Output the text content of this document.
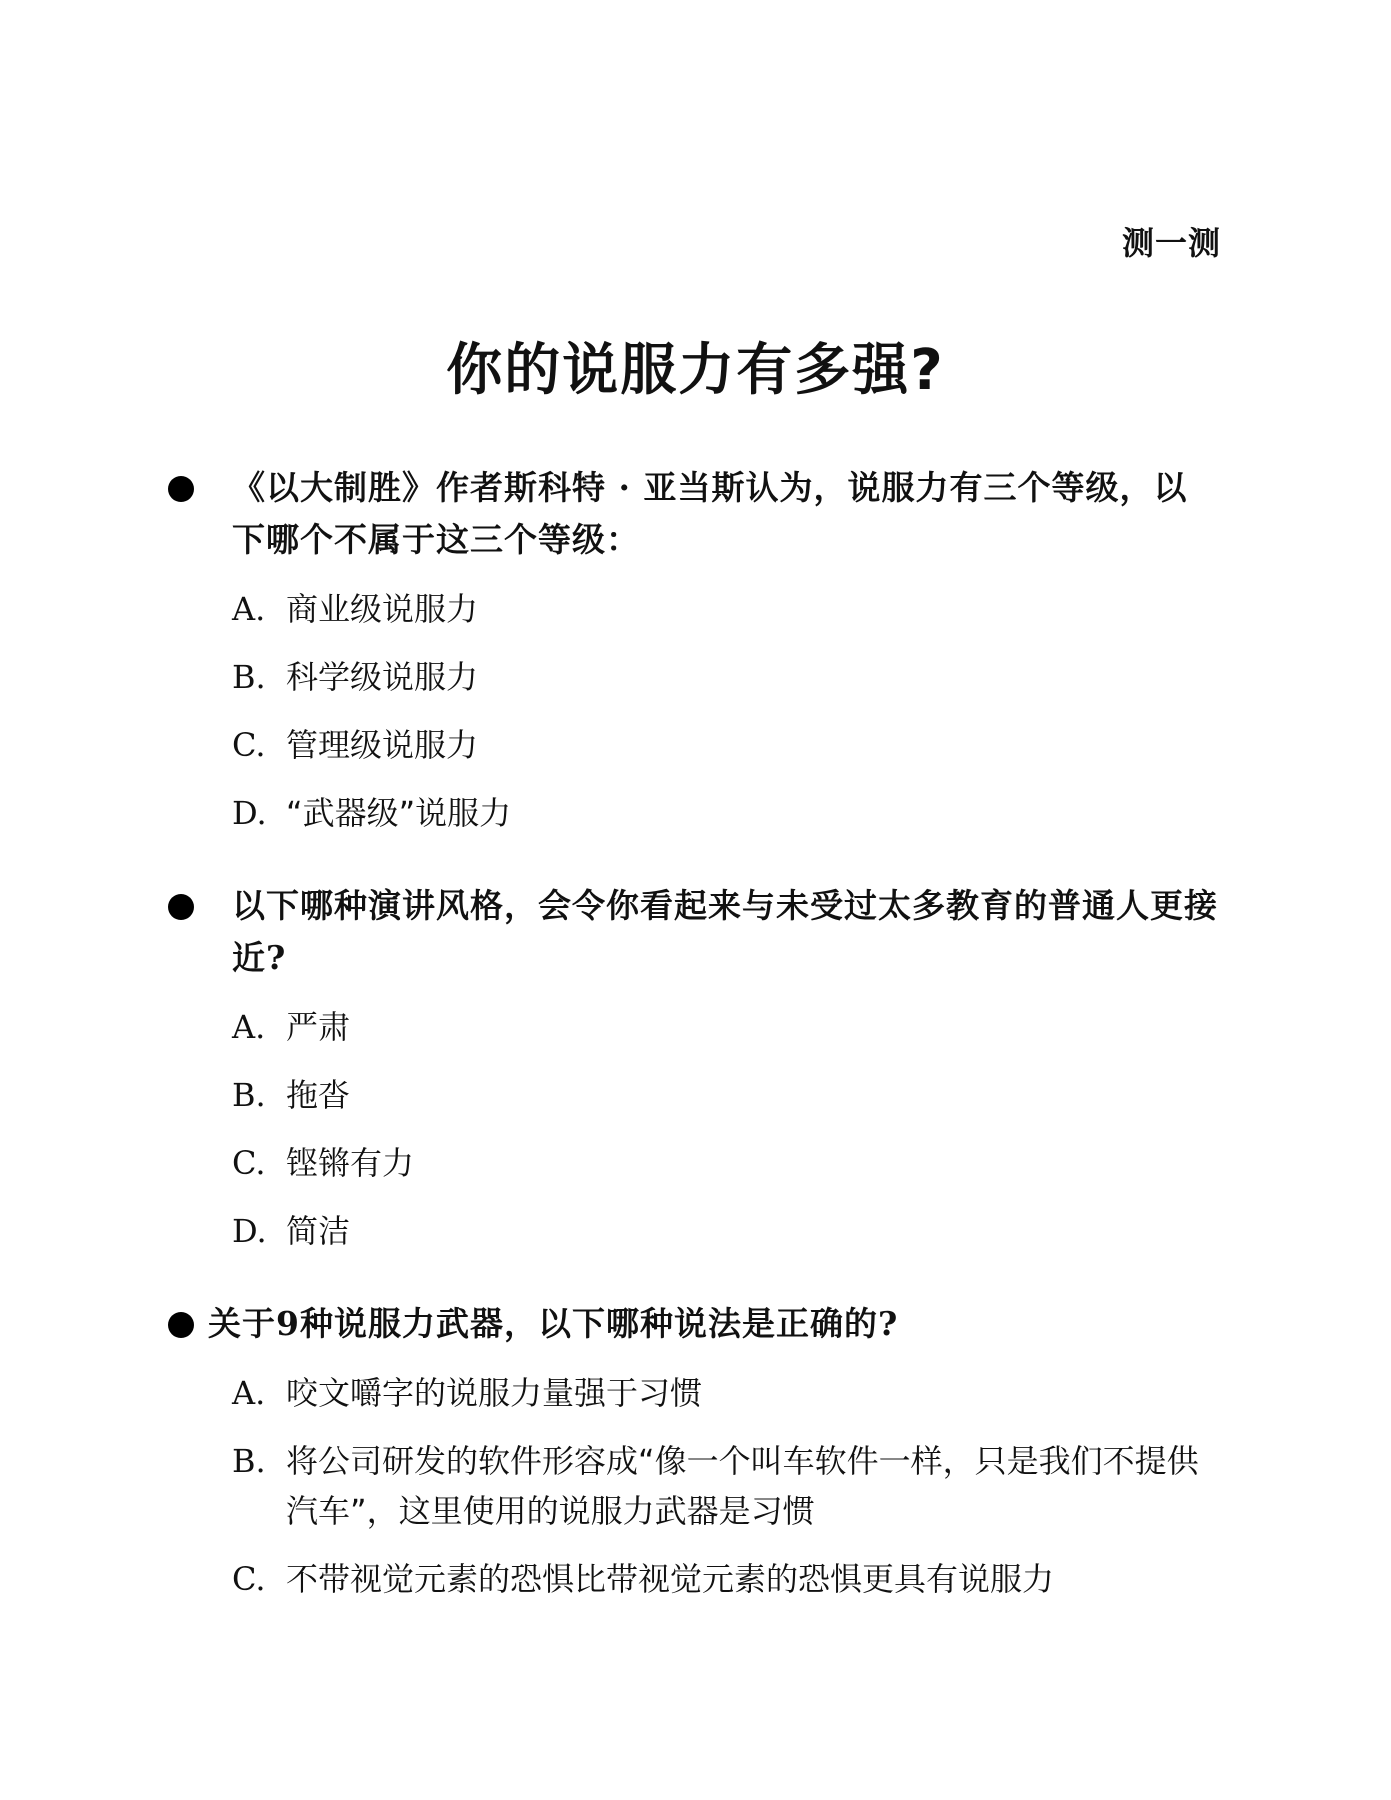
测一测
你的说服力有多强?
《以大制胜》作者斯科特 · 亚当斯认为，说服力有三个等级，以下哪个不属于这三个等级：
A. 商业级说服力
B. 科学级说服力
C. 管理级说服力
D. “武器级”说服力
以下哪种演讲风格，会令你看起来与未受过太多教育的普通人更接近?
A. 严肃
B. 拖沓
C. 铿锵有力
D. 简洁
关于9种说服力武器，以下哪种说法是正确的?
A. 咬文嚼字的说服力量强于习惯
B. 将公司研发的软件形容成“像一个叫车软件一样，只是我们不提供汽车”，这里使用的说服力武器是习惯
C. 不带视觉元素的恐惧比带视觉元素的恐惧更具有说服力
